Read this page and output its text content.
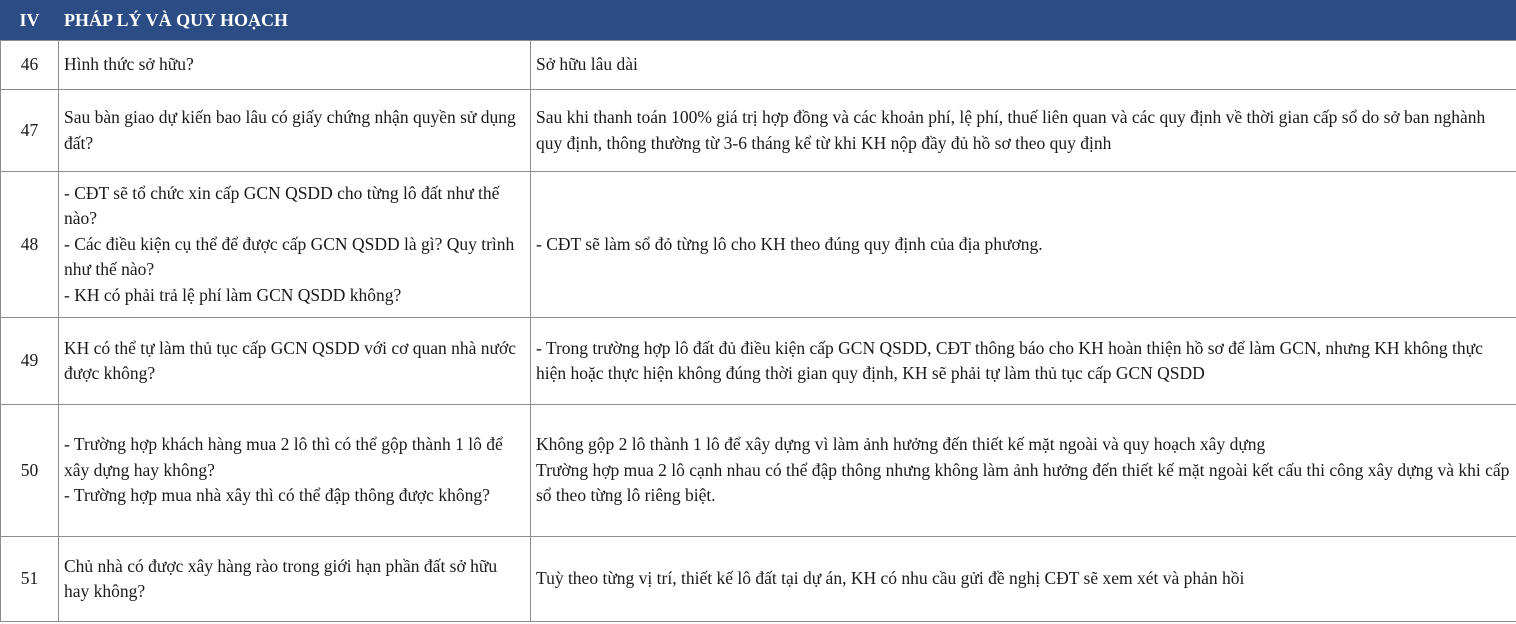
IV	PHÁP LÝ VÀ QUY HOẠCH	
46	Hình thức sở hữu?	Sở hữu lâu dài

47	Sau bàn giao dự kiến bao lâu có giấy chứng nhận quyền sử dụng đất?	Sau khi thanh toán 100% giá trị hợp đồng và các khoản phí, lệ phí, thuế liên quan và các quy định về thời gian cấp sổ do sở ban nghành quy định, thông thường từ 3-6 tháng kể từ khi KH nộp đầy đủ hồ sơ theo quy định

48	- CĐT sẽ tổ chức xin cấp GCN QSDD cho từng lô đất như thế nào?
- Các điều kiện cụ thể để được cấp GCN QSDD là gì? Quy trình như thế nào?
- KH có phải trả lệ phí làm GCN QSDD không?	- CĐT sẽ làm sổ đỏ từng lô cho KH theo đúng quy định của địa phương.

49	KH có thể tự làm thủ tục cấp GCN QSDD với cơ quan nhà nước được không?	- Trong trường hợp lô đất đủ điều kiện cấp GCN QSDD, CĐT thông báo cho KH hoàn thiện hồ sơ để làm GCN, nhưng KH không thực hiện hoặc thực hiện không đúng thời gian quy định, KH sẽ phải tự làm thủ tục cấp GCN QSDD

50	- Trường hợp khách hàng mua 2 lô thì có thể gộp thành 1 lô để xây dựng hay không?
- Trường hợp mua nhà xây thì có thể đập thông được không?	Không gộp 2 lô thành 1 lô để xây dựng vì làm ảnh hưởng đến thiết kế mặt ngoài và quy hoạch xây dựng
Trường hợp mua 2 lô cạnh nhau có thể đập thông nhưng không làm ảnh hưởng đến thiết kế mặt ngoài kết cấu thi công xây dựng và khi cấp sổ theo từng lô riêng biệt.

51	Chủ nhà có được xây hàng rào trong giới hạn phần đất sở hữu hay không?	Tuỳ theo từng vị trí, thiết kế lô đất tại dự án, KH có nhu cầu gửi đề nghị CĐT sẽ xem xét và phản hồi
